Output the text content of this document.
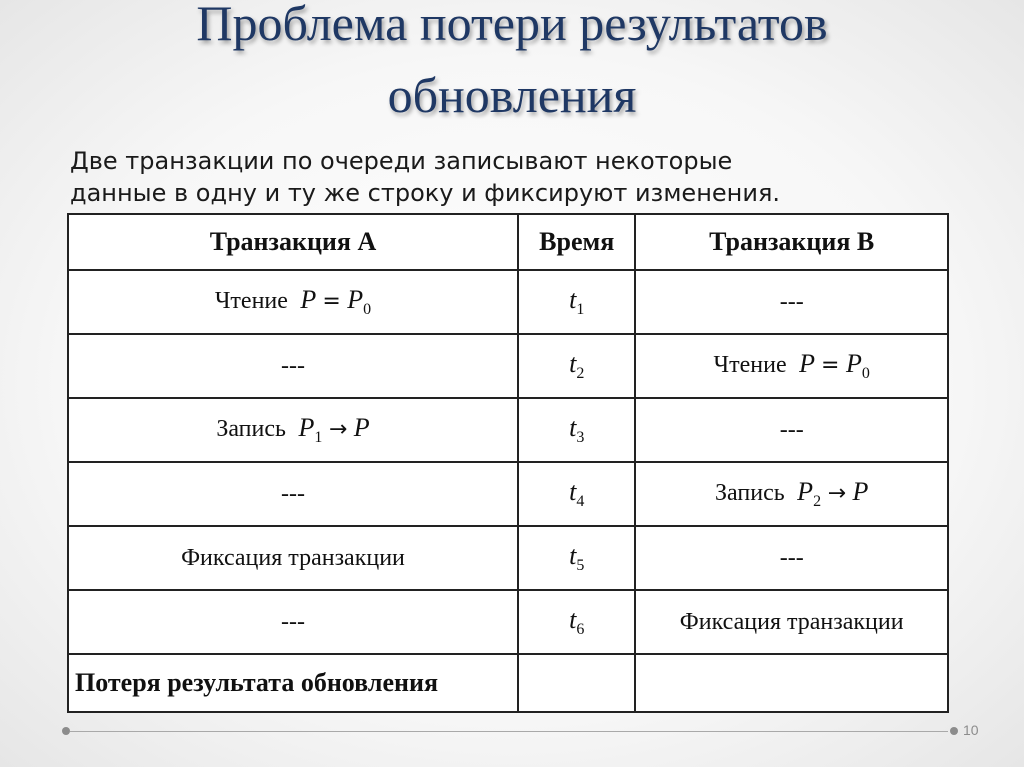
Проблема потери результатов
обновления
Две транзакции по очереди записывают некоторые
данные в одну и ту же строку и фиксируют изменения.
Транзакция А	Время	Транзакция В
Чтение $P = P_0$	$t_1$	---
---	$t_2$	Чтение $P = P_0$
Запись $P_1 \to P$	$t_3$	---
---	$t_4$	Запись $P_2 \to P$
Фиксация транзакции	$t_5$	---
---	$t_6$	Фиксация транзакции
Потеря результата обновления		
10
